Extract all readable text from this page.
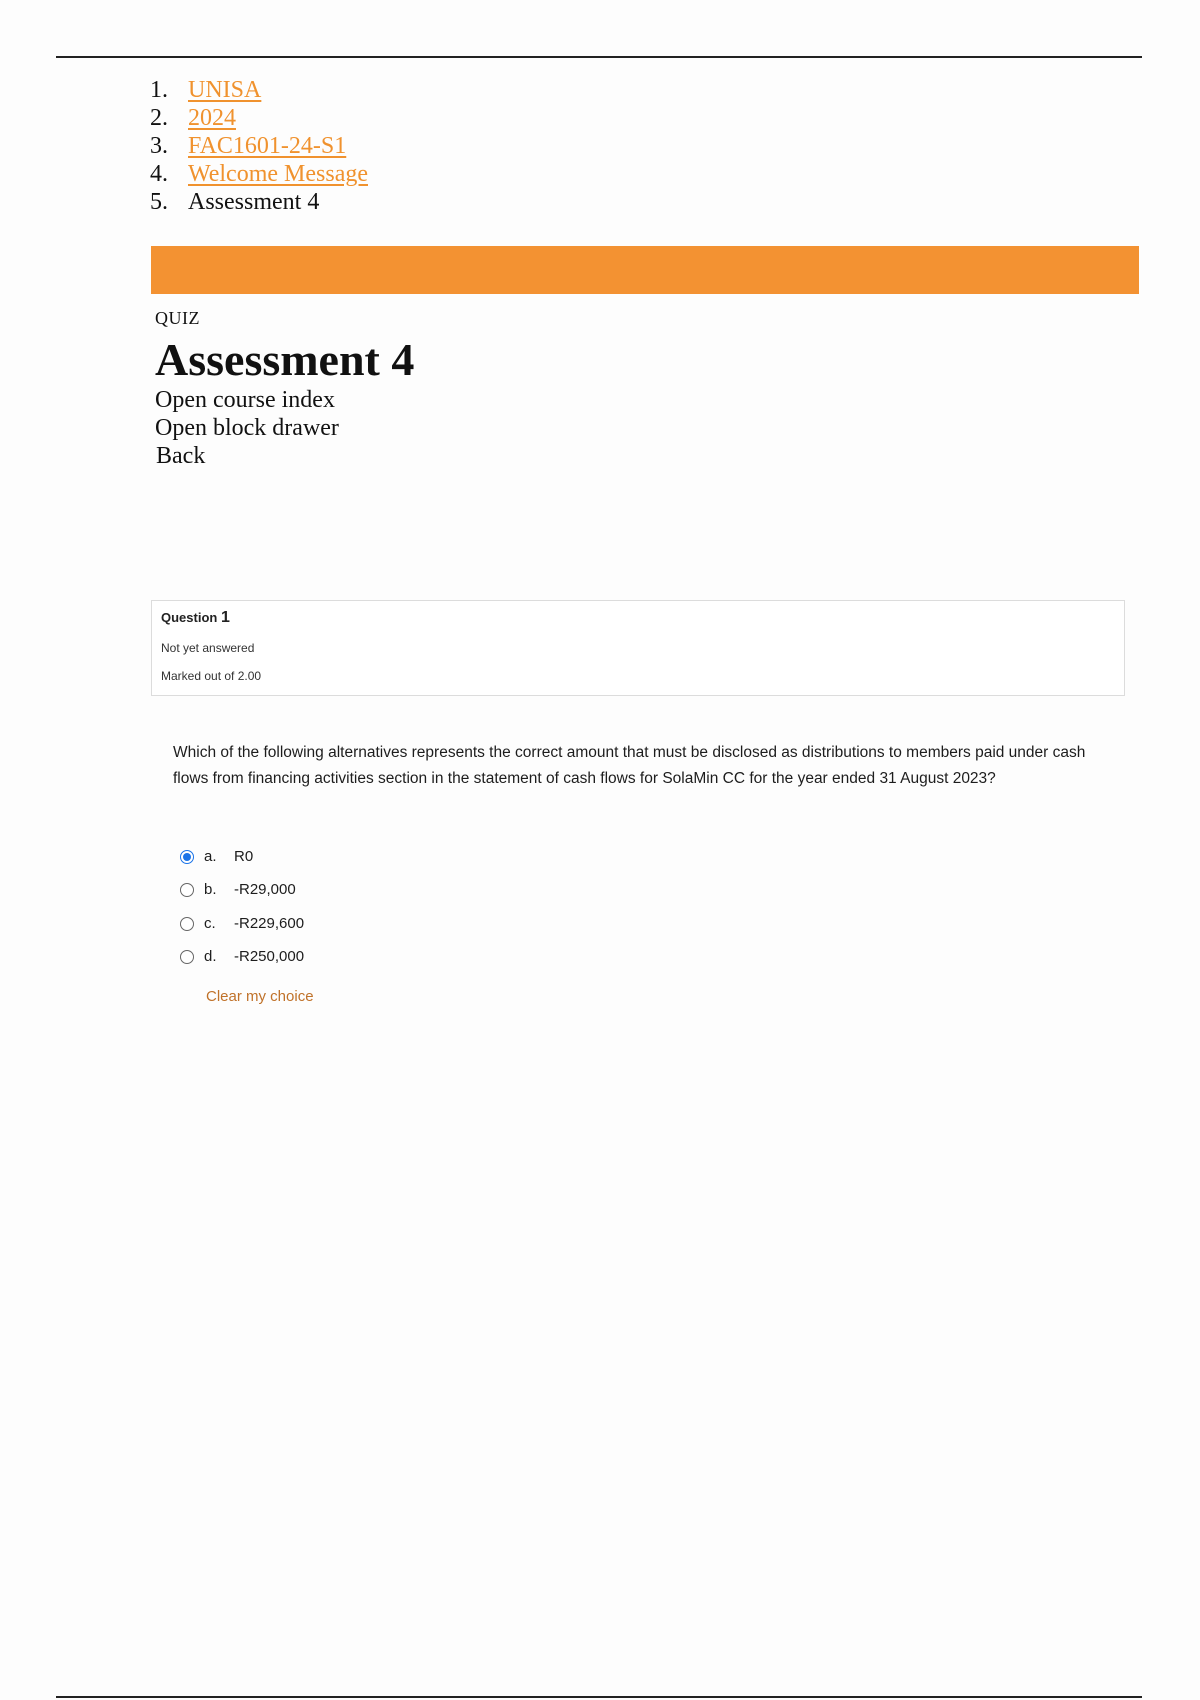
1. UNISA
2. 2024
3. FAC1601-24-S1
4. Welcome Message
5. Assessment 4
QUIZ
Assessment 4
Open course index
Open block drawer
Back
Question 1
Not yet answered
Marked out of 2.00
Which of the following alternatives represents the correct amount that must be disclosed as distributions to members paid under cash flows from financing activities section in the statement of cash flows for SolaMin CC for the year ended 31 August 2023?
a.	R0
b.	-R29,000
c.	-R229,600
d.	-R250,000
Clear my choice
